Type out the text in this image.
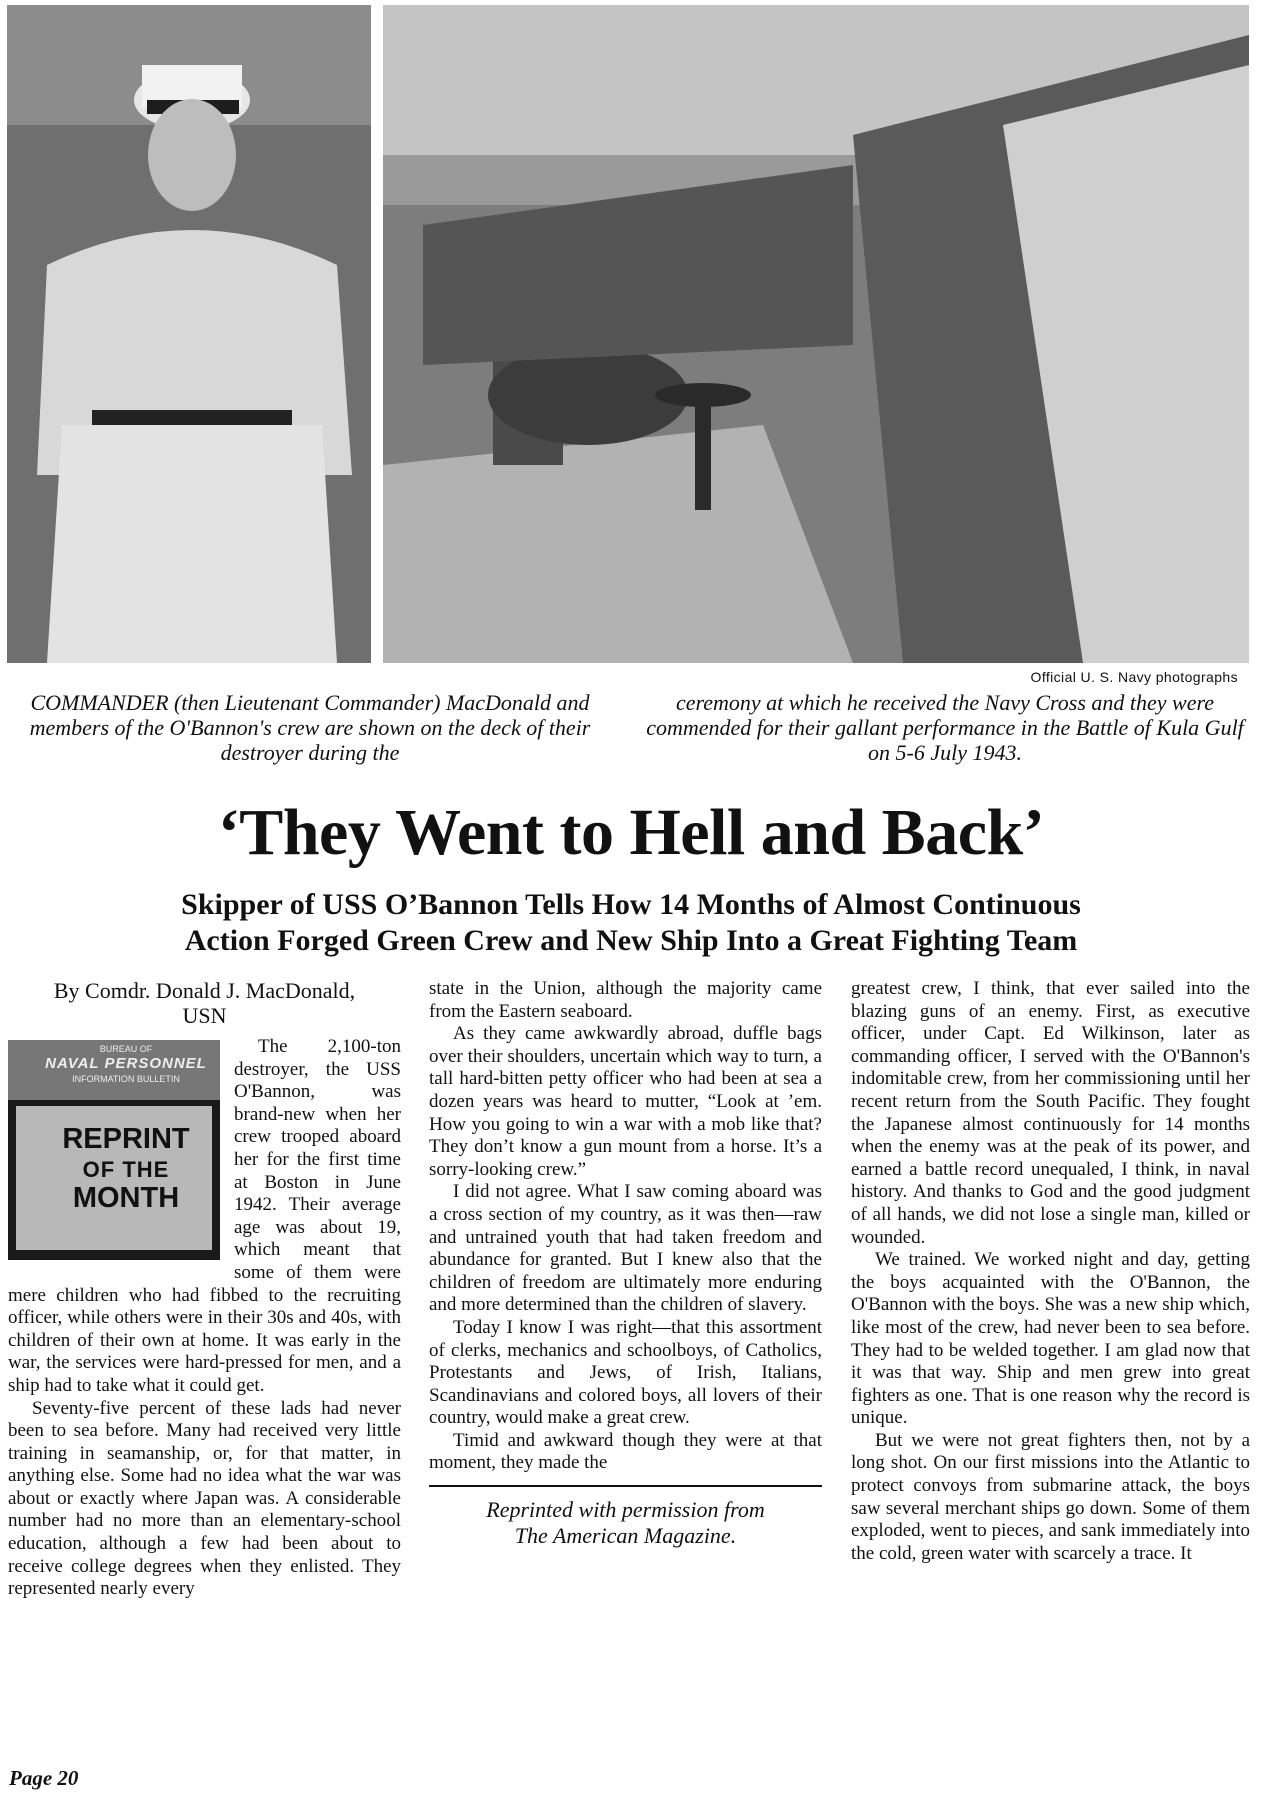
Official U. S. Navy photographs
COMMANDER (then Lieutenant Commander) MacDonald and members of the O'Bannon's crew are shown on the deck of their destroyer during the
ceremony at which he received the Navy Cross and they were commended for their gallant performance in the Battle of Kula Gulf on 5-6 July 1943.
‘They Went to Hell and Back’
Skipper of USS O’Bannon Tells How 14 Months of Almost Continuous
Action Forged Green Crew and New Ship Into a Great Fighting Team
By Comdr. Donald J. MacDonald,
USN

BUREAU OF
NAVAL PERSONNEL
INFORMATION BULLETIN
REPRINT
OF THE
MONTH
The 2,100-ton destroyer, the USS O'Bannon, was brand-new when her crew trooped aboard her for the first time at Boston in June 1942. Their average age was about 19, which meant that some of them were mere children who had fibbed to the recruiting officer, while others were in their 30s and 40s, with children of their own at home. It was early in the war, the services were hard-pressed for men, and a ship had to take what it could get.

Seventy-five percent of these lads had never been to sea before. Many had received very little training in seamanship, or, for that matter, in anything else. Some had no idea what the war was about or exactly where Japan was. A considerable number had no more than an elementary-school education, although a few had been about to receive college degrees when they enlisted. They represented nearly every

state in the Union, although the majority came from the Eastern seaboard.

As they came awkwardly abroad, duffle bags over their shoulders, uncertain which way to turn, a tall hard-bitten petty officer who had been at sea a dozen years was heard to mutter, “Look at ’em. How you going to win a war with a mob like that? They don’t know a gun mount from a horse. It’s a sorry-looking crew.”

I did not agree. What I saw coming aboard was a cross section of my country, as it was then—raw and untrained youth that had taken freedom and abundance for granted. But I knew also that the children of freedom are ultimately more enduring and more determined than the children of slavery.

Today I know I was right—that this assortment of clerks, mechanics and schoolboys, of Catholics, Protestants and Jews, of Irish, Italians, Scandinavians and colored boys, all lovers of their country, would make a great crew.

Timid and awkward though they were at that moment, they made the

Reprinted with permission from
The American Magazine.

greatest crew, I think, that ever sailed into the blazing guns of an enemy. First, as executive officer, under Capt. Ed Wilkinson, later as commanding officer, I served with the O'Bannon's indomitable crew, from her commissioning until her recent return from the South Pacific. They fought the Japanese almost continuously for 14 months when the enemy was at the peak of its power, and earned a battle record unequaled, I think, in naval history. And thanks to God and the good judgment of all hands, we did not lose a single man, killed or wounded.

We trained. We worked night and day, getting the boys acquainted with the O'Bannon, the O'Bannon with the boys. She was a new ship which, like most of the crew, had never been to sea before. They had to be welded together. I am glad now that it was that way. Ship and men grew into great fighters as one. That is one reason why the record is unique.

But we were not great fighters then, not by a long shot. On our first missions into the Atlantic to protect convoys from submarine attack, the boys saw several merchant ships go down. Some of them exploded, went to pieces, and sank immediately into the cold, green water with scarcely a trace. It

Page 20
